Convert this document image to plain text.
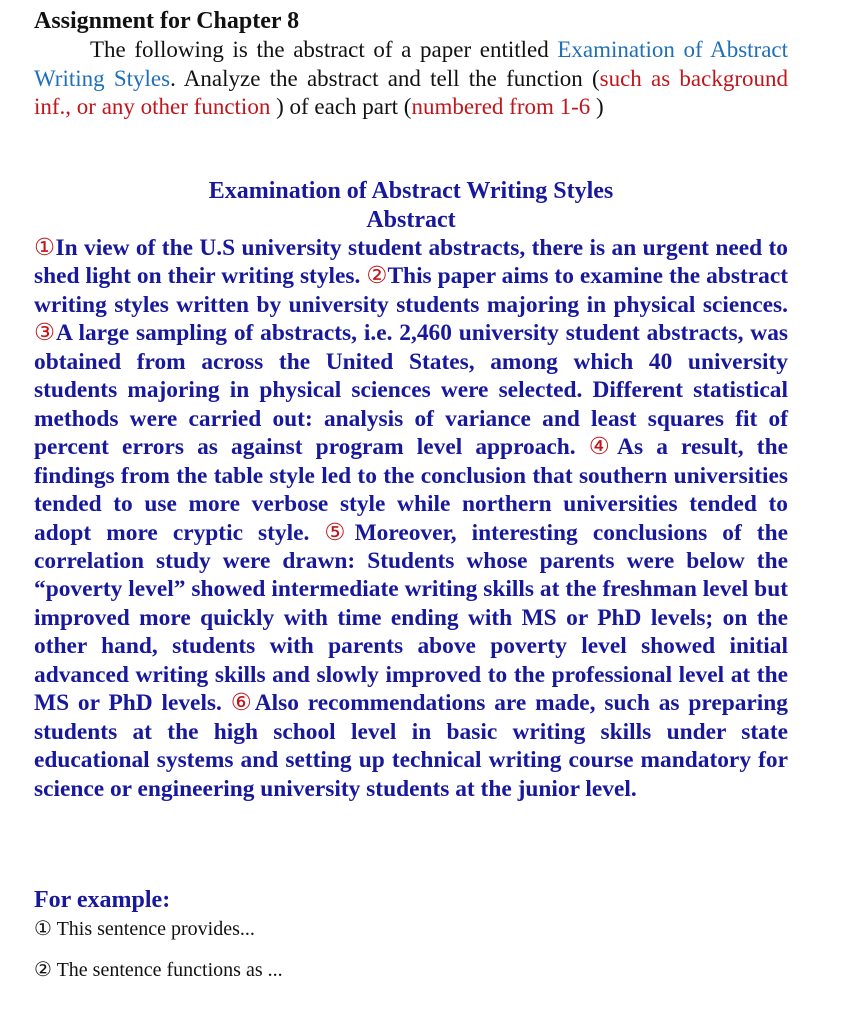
Assignment for Chapter 8
The following is the abstract of a paper entitled Examination of Abstract Writing Styles. Analyze the abstract and tell the function (such as background inf., or any other function ) of each part (numbered from 1-6 )
Examination of Abstract Writing Styles
Abstract
①In view of the U.S university student abstracts, there is an urgent need to shed light on their writing styles. ②This paper aims to examine the abstract writing styles written by university students majoring in physical sciences. ③A large sampling of abstracts, i.e. 2,460 university student abstracts, was obtained from across the United States, among which 40 university students majoring in physical sciences were selected. Different statistical methods were carried out: analysis of variance and least squares fit of percent errors as against program level approach. ④As a result, the findings from the table style led to the conclusion that southern universities tended to use more verbose style while northern universities tended to adopt more cryptic style. ⑤Moreover, interesting conclusions of the correlation study were drawn: Students whose parents were below the “poverty level” showed intermediate writing skills at the freshman level but improved more quickly with time ending with MS or PhD levels; on the other hand, students with parents above poverty level showed initial advanced writing skills and slowly improved to the professional level at the MS or PhD levels. ⑥Also recommendations are made, such as preparing students at the high school level in basic writing skills under state educational systems and setting up technical writing course mandatory for science or engineering university students at the junior level.
For example:
① This sentence provides...
② The sentence functions as ...
